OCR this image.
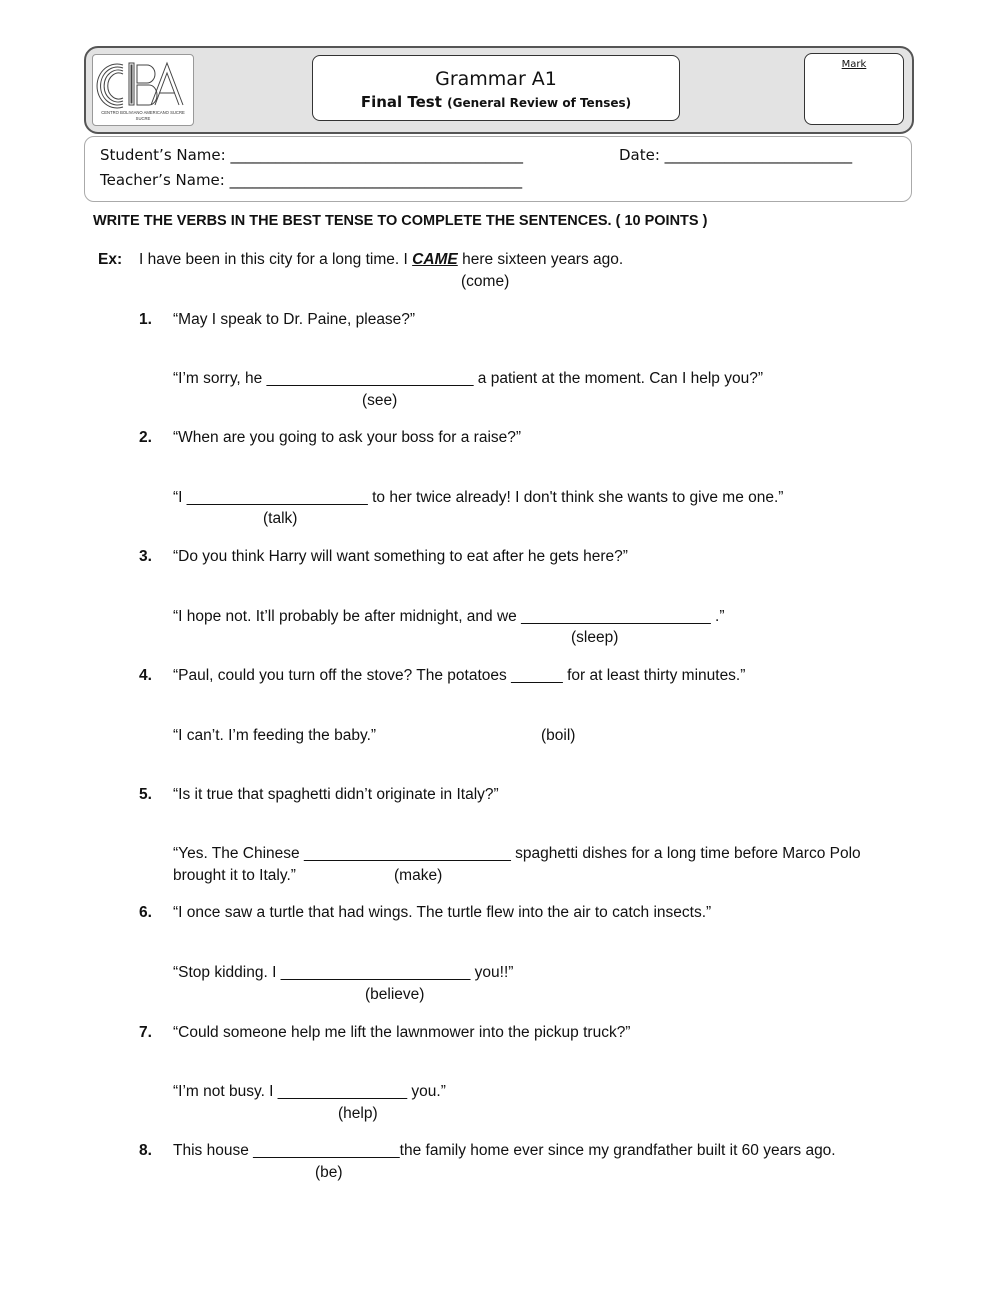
CENTRO BOLIVIANO AMERICANO SUCRE
SUCRE
Grammar A1
Final Test (General Review of Tenses)
Mark
Student’s Name: _______________________________________	Date: _________________________
Teacher’s Name: _______________________________________
WRITE THE VERBS IN THE BEST TENSE TO COMPLETE THE SENTENCES. ( 10 POINTS )
Ex: I have been in this city for a long time. I CAME here sixteen years ago.
(come)
1. “May I speak to Dr. Paine, please?”
“I’m sorry, he ________________________ a patient at the moment. Can I help you?”
(see)
2. “When are you going to ask your boss for a raise?”
“I _____________________ to her twice already! I don't think she wants to give me one.”
(talk)
3. “Do you think Harry will want something to eat after he gets here?”
“I hope not. It’ll probably be after midnight, and we ______________________ .”
(sleep)
4. “Paul, could you turn off the stove? The potatoes ______ for at least thirty minutes.”
“I can’t. I’m feeding the baby.”	(boil)
5. “Is it true that spaghetti didn’t originate in Italy?”
“Yes. The Chinese ________________________ spaghetti dishes for a long time before Marco Polo
brought it to Italy.”	(make)
6. “I once saw a turtle that had wings. The turtle flew into the air to catch insects.”
“Stop kidding. I ______________________ you!!”
(believe)
7. “Could someone help me lift the lawnmower into the pickup truck?”
“I’m not busy. I _______________ you.”
(help)
8. This house _________________the family home ever since my grandfather built it 60 years ago.
(be)
